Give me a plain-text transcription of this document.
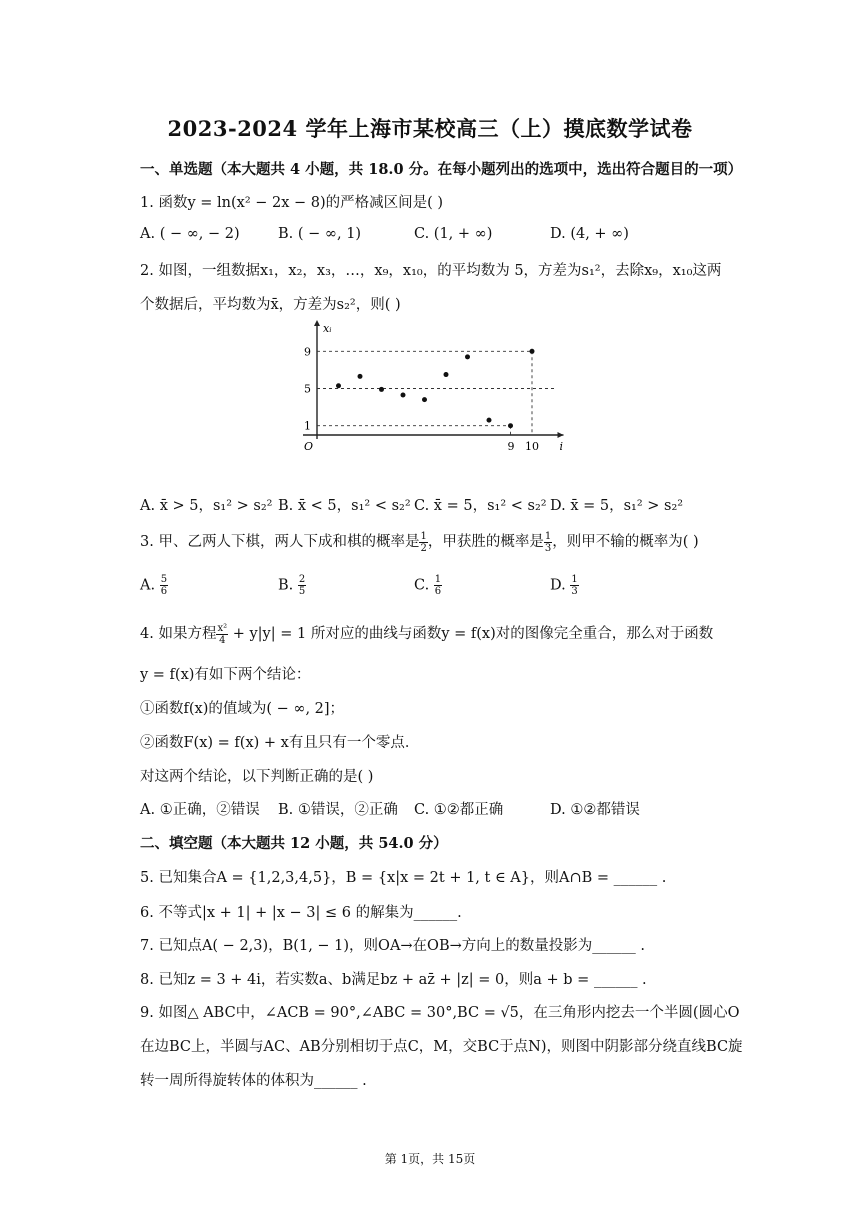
2023-2024 学年上海市某校高三（上）摸底数学试卷
一、单选题（本大题共 4 小题，共 18.0 分。在每小题列出的选项中，选出符合题目的一项）
1. 函数y = ln(x² − 2x − 8)的严格减区间是( )
A. ( − ∞, − 2)	B. ( − ∞, 1)	C. (1, + ∞)	D. (4, + ∞)
2. 如图，一组数据x₁，x₂，x₃，…，x₉，x₁₀，的平均数为 5，方差为s₁²，去除x₉，x₁₀这两
个数据后，平均数为x̄，方差为s₂²，则( )
xᵢ
i
O
1
5
9
9 10
A. x̄ > 5，s₁² > s₂² B. x̄ < 5，s₁² < s₂² C. x̄ = 5，s₁² < s₂² D. x̄ = 5，s₁² > s₂²
3. 甲、乙两人下棋，两人下成和棋的概率是 $\frac{1}{2}$ ，甲获胜的概率是 $\frac{1}{3}$ ，则甲不输的概率为( )
A. $\frac{5}{6}$	B. $\frac{2}{5}$	C. $\frac{1}{6}$	D. $\frac{1}{3}$
4. 如果方程 $\frac{\text{x²}}{4} + y|y| = 1$ 所对应的曲线与函数y = f(x)对的图像完全重合，那么对于函数
y = f(x)有如下两个结论：
①函数f(x)的值域为( − ∞, 2]；
②函数F(x) = f(x) + x有且只有一个零点．
对这两个结论，以下判断正确的是( )
A. ①正确，②错误 B. ①错误，②正确 C. ①②都正确	D. ①②都错误
二、填空题（本大题共 12 小题，共 54.0 分）
5. 已知集合A = {1,2,3,4,5}，B = {x|x = 2t + 1, t ∈ A}，则A∩B = ______ .
6. 不等式|x + 1| + |x − 3| ≤ 6 的解集为______.
7. 已知点A( − 2,3)，B(1, − 1)，则OA→在OB→方向上的数量投影为______ .
8. 已知z = 3 + 4i，若实数a、b满足bz + az̄ + |z| = 0，则a + b = ______ .
9. 如图△ ABC中，∠ACB = 90°,∠ABC = 30°,BC = √5，在三角形内挖去一个半圆(圆心O
在边BC上，半圆与AC、AB分别相切于点C，M，交BC于点N)，则图中阴影部分绕直线BC旋
转一周所得旋转体的体积为______ .
第 1页，共 15页
